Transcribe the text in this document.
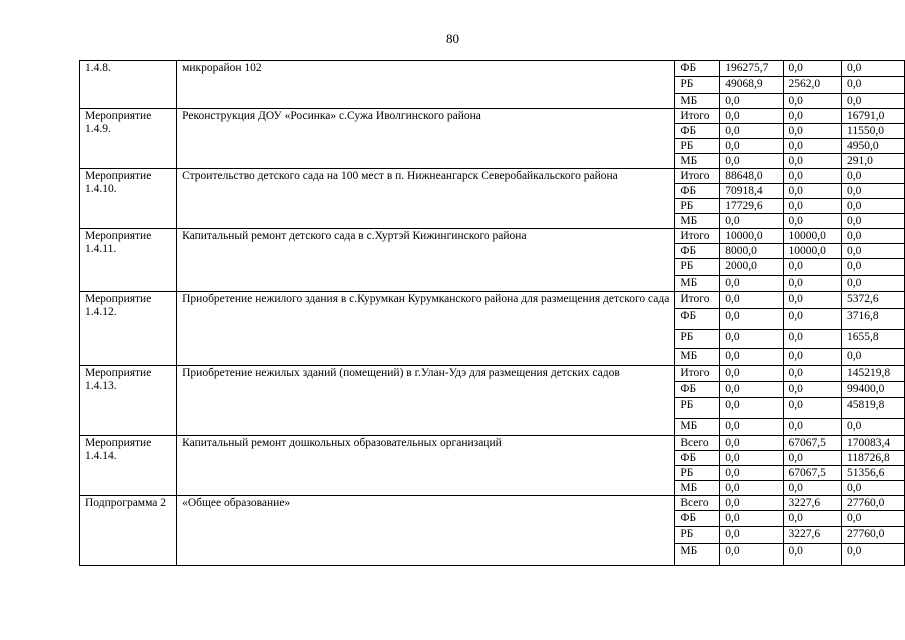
80
1.4.8.	микрорайон 102	ФБ	196275,7	0,0	0,0
		РБ	49068,9	2562,0	0,0
		МБ	0,0	0,0	0,0

Мероприятие
1.4.9.	Реконструкция ДОУ «Росинка» с.Сужа Иволгинского района	Итого	0,0	0,0	16791,0
		ФБ	0,0	0,0	11550,0
		РБ	0,0	0,0	4950,0
		МБ	0,0	0,0	291,0

Мероприятие
1.4.10.	Строительство детского сада на 100 мест в п. Нижнеангарск Северобайкальского района	Итого	88648,0	0,0	0,0
		ФБ	70918,4	0,0	0,0
		РБ	17729,6	0,0	0,0
		МБ	0,0	0,0	0,0

Мероприятие
1.4.11.	Капитальный ремонт детского сада в с.Хуртэй Кижингинского района	Итого	10000,0	10000,0	0,0
		ФБ	8000,0	10000,0	0,0
		РБ	2000,0	0,0	0,0
		МБ	0,0	0,0	0,0

Мероприятие
1.4.12.	Приобретение нежилого здания в с.Курумкан Курумканского района для размещения детского сада	Итого	0,0	0,0	5372,6
		ФБ	0,0	0,0	3716,8
		РБ	0,0	0,0	1655,8
		МБ	0,0	0,0	0,0

Мероприятие
1.4.13.	Приобретение нежилых зданий (помещений) в г.Улан-Удэ для размещения детских садов	Итого	0,0	0,0	145219,8
		ФБ	0,0	0,0	99400,0
		РБ	0,0	0,0	45819,8
		МБ	0,0	0,0	0,0

Мероприятие
1.4.14.	Капитальный ремонт дошкольных образовательных организаций	Всего	0,0	67067,5	170083,4
		ФБ	0,0	0,0	118726,8
		РБ	0,0	67067,5	51356,6
		МБ	0,0	0,0	0,0

Подпрограмма 2	«Общее образование»	Всего	0,0	3227,6	27760,0
		ФБ	0,0	0,0	0,0
		РБ	0,0	3227,6	27760,0
		МБ	0,0	0,0	0,0
